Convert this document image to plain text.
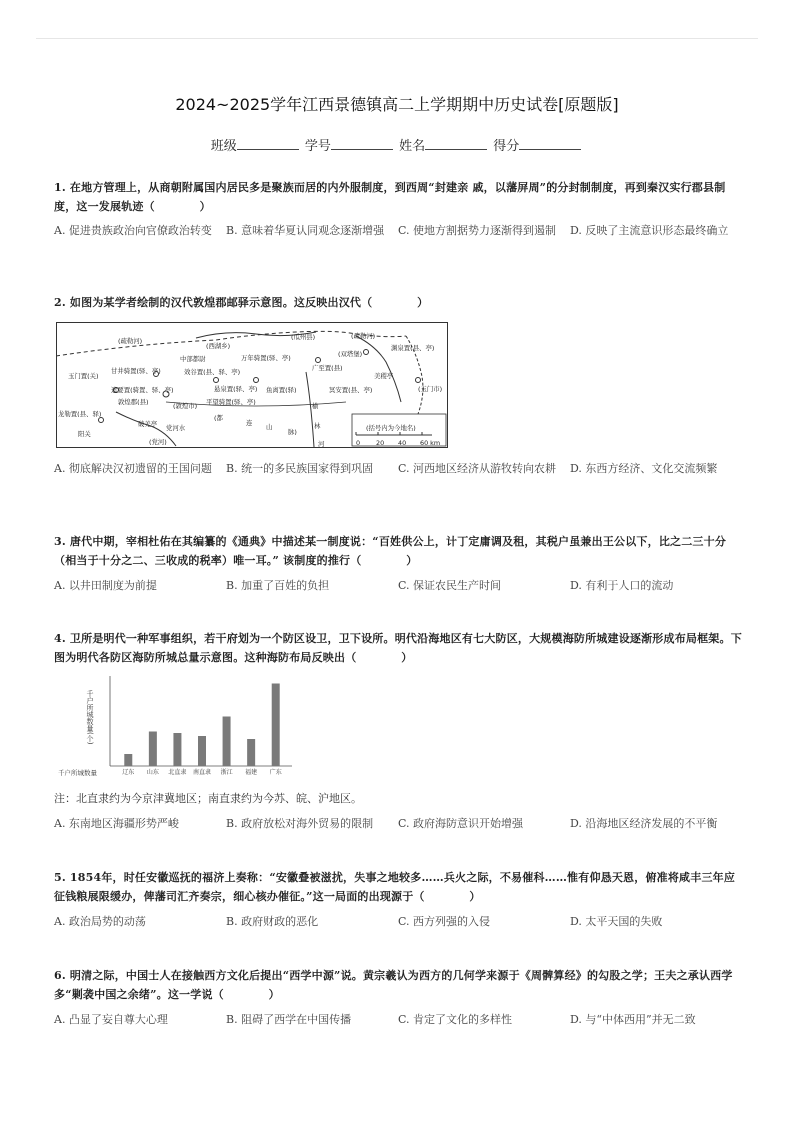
2024~2025学年江西景德镇高二上学期期中历史试卷[原题版]
班级	学号	姓名	得分
1. 在地方管理上，从商朝附属国内居民多是聚族而居的内外服制度，到西周“封建亲 戚，以藩屏周”的分封制制度，再到秦汉实行郡县制度，这一发展轨迹（　　　　）
A. 促进贵族政治向官僚政治转变	B. 意味着华夏认同观念逐渐增强	C. 使地方割据势力逐渐得到遏制	D. 反映了主流意识形态最终确立
2. 如图为某学者绘制的汉代敦煌郡邮驿示意图。这反映出汉代（　　　　）
(疏勒河)
(西湖乡)
(瓜州县)	(疏勒河)
中部都尉	万年骑置(驿、亭)	(双塔堡)
渊泉置(县、亭)
甘井骑置(驿、亭)	效谷置(县、驿、亭)	广至置(县)
美稷亭
玉门置(关)
遮要置(骑置、驿、亭)	悬泉置(驿、亭) 鱼离置(驿)	冥安置(县、亭)	(玉门市)
敦煌郡(县)	(敦煌市) 平望骑置(驿、亭)
龙勒置(县、驿)	(都
连 山
脉)
破羌亭
阳关
(党河)
党河水
榆
林
河
(括号内为今地名)
0 20 40 60 km
A. 彻底解决汉初遗留的王国问题	B. 统一的多民族国家得到巩固	C. 河西地区经济从游牧转向农耕	D. 东西方经济、文化交流频繁
3. 唐代中期，宰相杜佑在其编纂的《通典》中描述某一制度说：“百姓供公上，计丁定庸调及租，其税户虽兼出王公以下，比之二三十分（相当于十分之二、三收成的税率）唯一耳。” 该制度的推行（　　　　）
A. 以井田制度为前提	B. 加重了百姓的负担	C. 保证农民生产时间	D. 有利于人口的流动
4. 卫所是明代一种军事组织，若干府划为一个防区设卫，卫下设所。明代沿海地区有七大防区，大规模海防所城建设逐渐形成布局框架。下图为明代各防区海防所城总量示意图。这种海防布局反映出（　　　　）
千户所城数量(个)
千户所城数量	辽东 山东 北直隶 南直隶 浙江 福建 广东
注：北直隶约为今京津冀地区；南直隶约为今苏、皖、沪地区。
A. 东南地区海疆形势严峻	B. 政府放松对海外贸易的限制	C. 政府海防意识开始增强	D. 沿海地区经济发展的不平衡
5. 1854年，时任安徽巡抚的福济上奏称：“安徽叠被滋扰，失事之地较多……兵火之际，不易催科……惟有仰恳天恩，俯准将咸丰三年应征钱粮展限缓办，俾藩司汇齐奏宗，细心核办催征。”这一局面的出现源于（　　　　）
A. 政治局势的动荡	B. 政府财政的恶化	C. 西方列强的入侵	D. 太平天国的失败
6. 明清之际，中国士人在接触西方文化后提出“西学中源”说。黄宗羲认为西方的几何学来源于《周髀算经》的勾股之学；王夫之承认西学多“剿袭中国之余绪”。这一学说（　　　　）
A. 凸显了妄自尊大心理	B. 阻碍了西学在中国传播	C. 肯定了文化的多样性	D. 与“中体西用”并无二致
